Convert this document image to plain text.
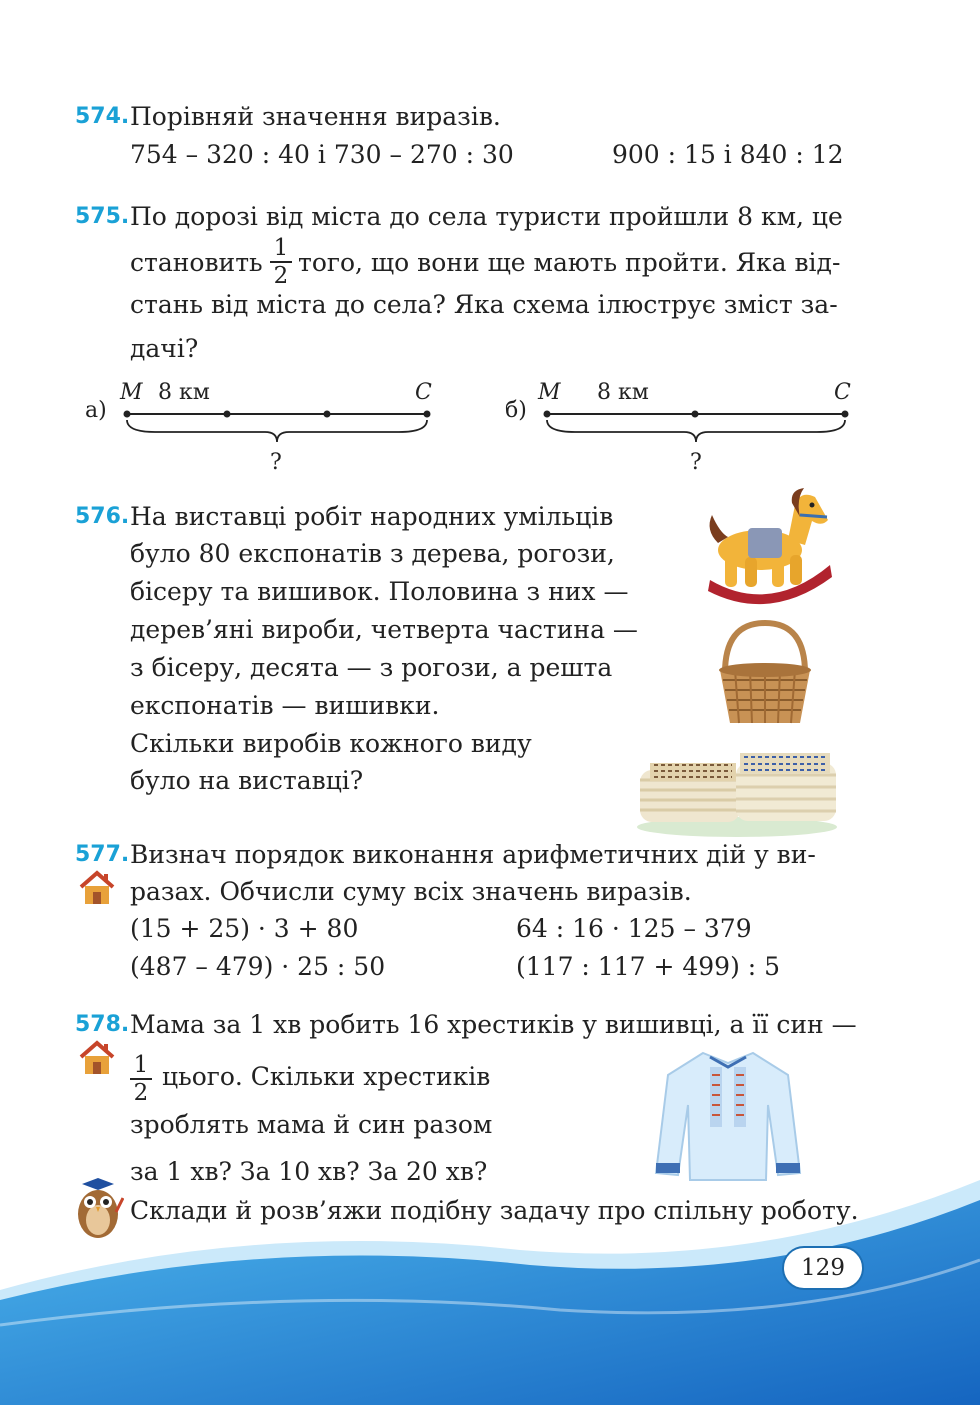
574. Порівняй значення виразів.
754 – 320 : 40 і 730 – 270 : 30	900 : 15 і 840 : 12
575. По дорозі від міста до села туристи пройшли 8 км, це
становить 1
2 того, що вони ще мають пройти. Яка від-
стань від міста до села? Яка схема ілюструє зміст за-
дачі?
а)
M 8 км	C
?
б)
M 8 км	C
?
576. На виставці робіт народних умільців
було 80 експонатів з дерева, рогози,
бісеру та вишивок. Половина з них —
дерев’яні вироби, четверта частина —
з бісеру, десята — з рогози, а решта
експонатів — вишивки.
Скільки виробів кожного виду
було на виставці?
577. Визнач порядок виконання арифметичних дій у ви-
разах. Обчисли суму всіх значень виразів.
(15 + 25) · 3 + 80	64 : 16 · 125 – 379
(487 – 479) · 25 : 50	(117 : 117 + 499) : 5
578. Мама за 1 хв робить 16 хрестиків у вишивці, а її син —
1
2
цього. Скільки хрестиків
зроблять мама й син разом
за 1 хв? За 10 хв? За 20 хв?
Склади й розв’яжи подібну задачу про спільну роботу.
129
